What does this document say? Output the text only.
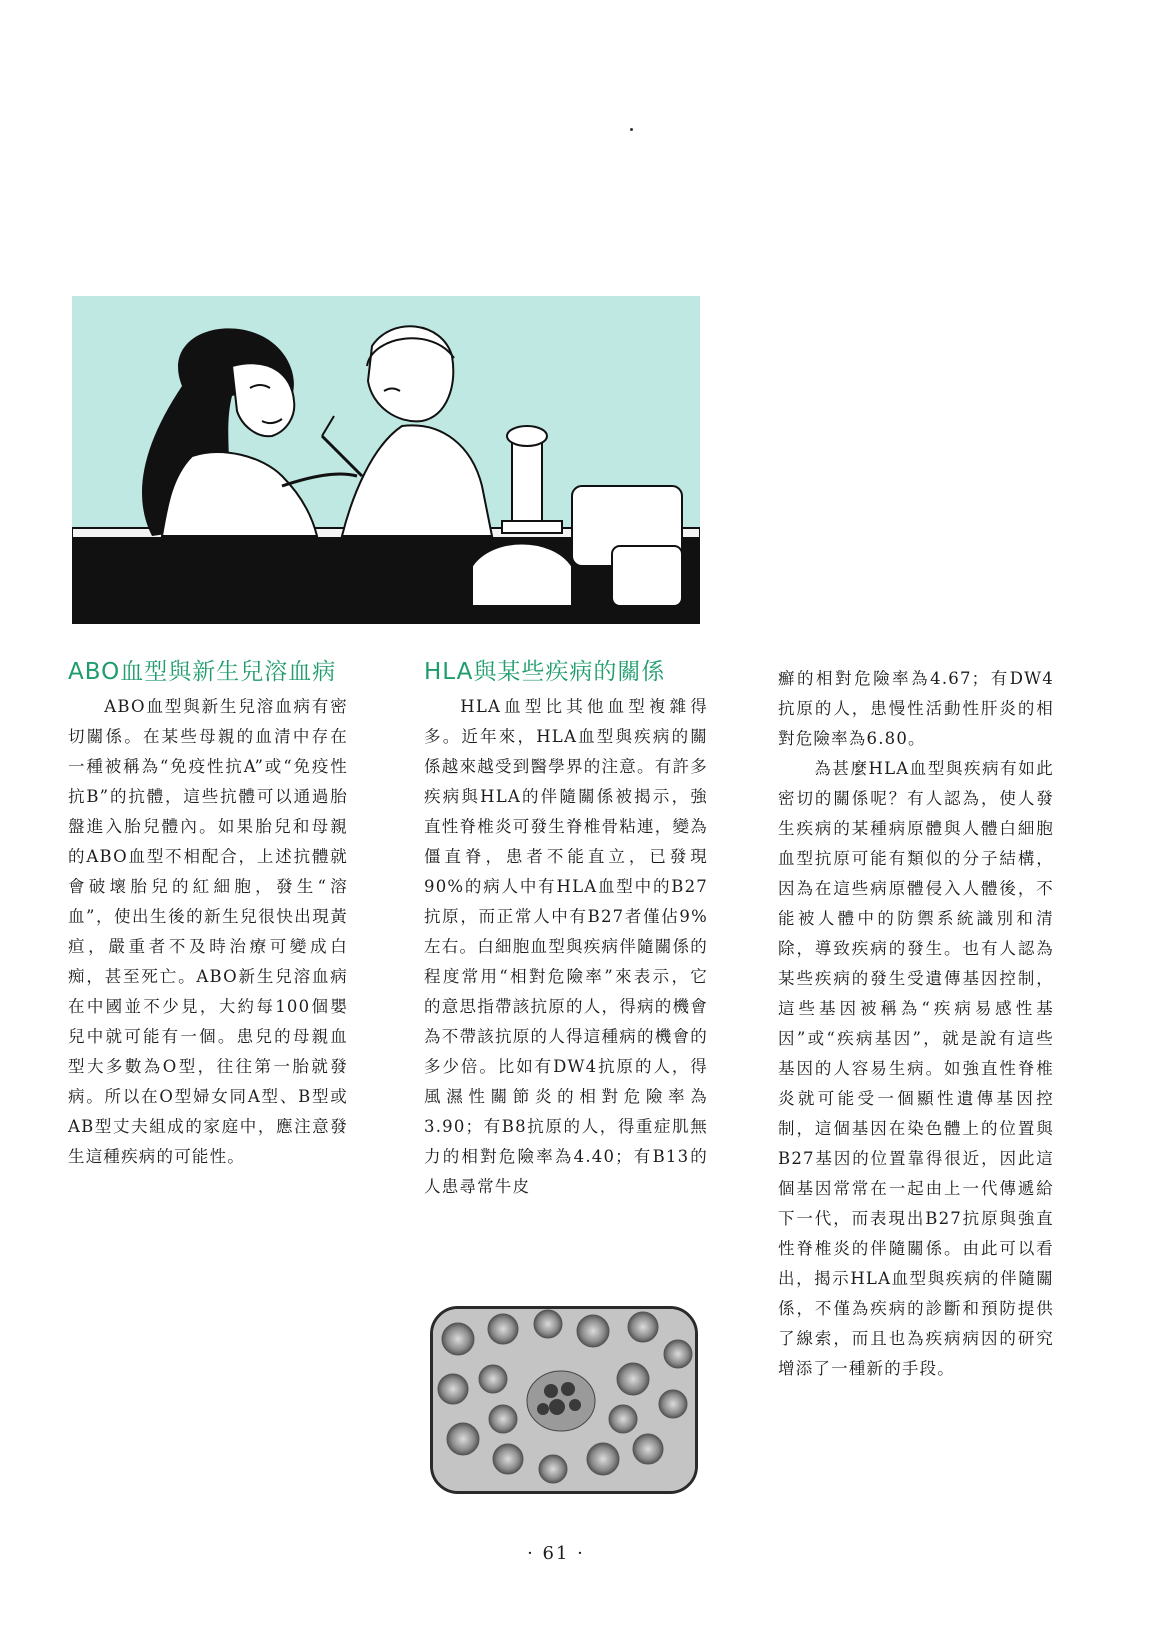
ABO血型與新生兒溶血病

ABO血型與新生兒溶血病有密切關係。在某些母親的血清中存在一種被稱為“免疫性抗A”或“免疫性抗B”的抗體，這些抗體可以通過胎盤進入胎兒體內。如果胎兒和母親的ABO血型不相配合，上述抗體就會破壞胎兒的紅細胞，發生“溶血”，使出生後的新生兒很快出現黃疸，嚴重者不及時治療可變成白痴，甚至死亡。ABO新生兒溶血病在中國並不少見，大約每100個嬰兒中就可能有一個。患兒的母親血型大多數為O型，往往第一胎就發病。所以在O型婦女同A型、B型或AB型丈夫組成的家庭中，應注意發生這種疾病的可能性。

HLA與某些疾病的關係

HLA血型比其他血型複雜得多。近年來，HLA血型與疾病的關係越來越受到醫學界的注意。有許多疾病與HLA的伴隨關係被揭示，強直性脊椎炎可發生脊椎骨粘連，變為僵直脊，患者不能直立，已發現90%的病人中有HLA血型中的B27抗原，而正常人中有B27者僅佔9%左右。白細胞血型與疾病伴隨關係的程度常用“相對危險率”來表示，它的意思指帶該抗原的人，得病的機會為不帶該抗原的人得這種病的機會的多少倍。比如有DW4抗原的人，得風濕性關節炎的相對危險率為3.90；有B8抗原的人，得重症肌無力的相對危險率為4.40；有B13的人患尋常牛皮

癬的相對危險率為4.67；有DW4抗原的人，患慢性活動性肝炎的相對危險率為6.80。

為甚麼HLA血型與疾病有如此密切的關係呢？有人認為，使人發生疾病的某種病原體與人體白細胞血型抗原可能有類似的分子結構，因為在這些病原體侵入人體後，不能被人體中的防禦系統識別和清除，導致疾病的發生。也有人認為某些疾病的發生受遺傳基因控制，這些基因被稱為“疾病易感性基因”或“疾病基因”，就是說有這些基因的人容易生病。如強直性脊椎炎就可能受一個顯性遺傳基因控制，這個基因在染色體上的位置與B27基因的位置靠得很近，因此這個基因常常在一起由上一代傳遞給下一代，而表現出B27抗原與強直性脊椎炎的伴隨關係。由此可以看出，揭示HLA血型與疾病的伴隨關係，不僅為疾病的診斷和預防提供了線索，而且也為疾病病因的研究增添了一種新的手段。

· 61 ·
